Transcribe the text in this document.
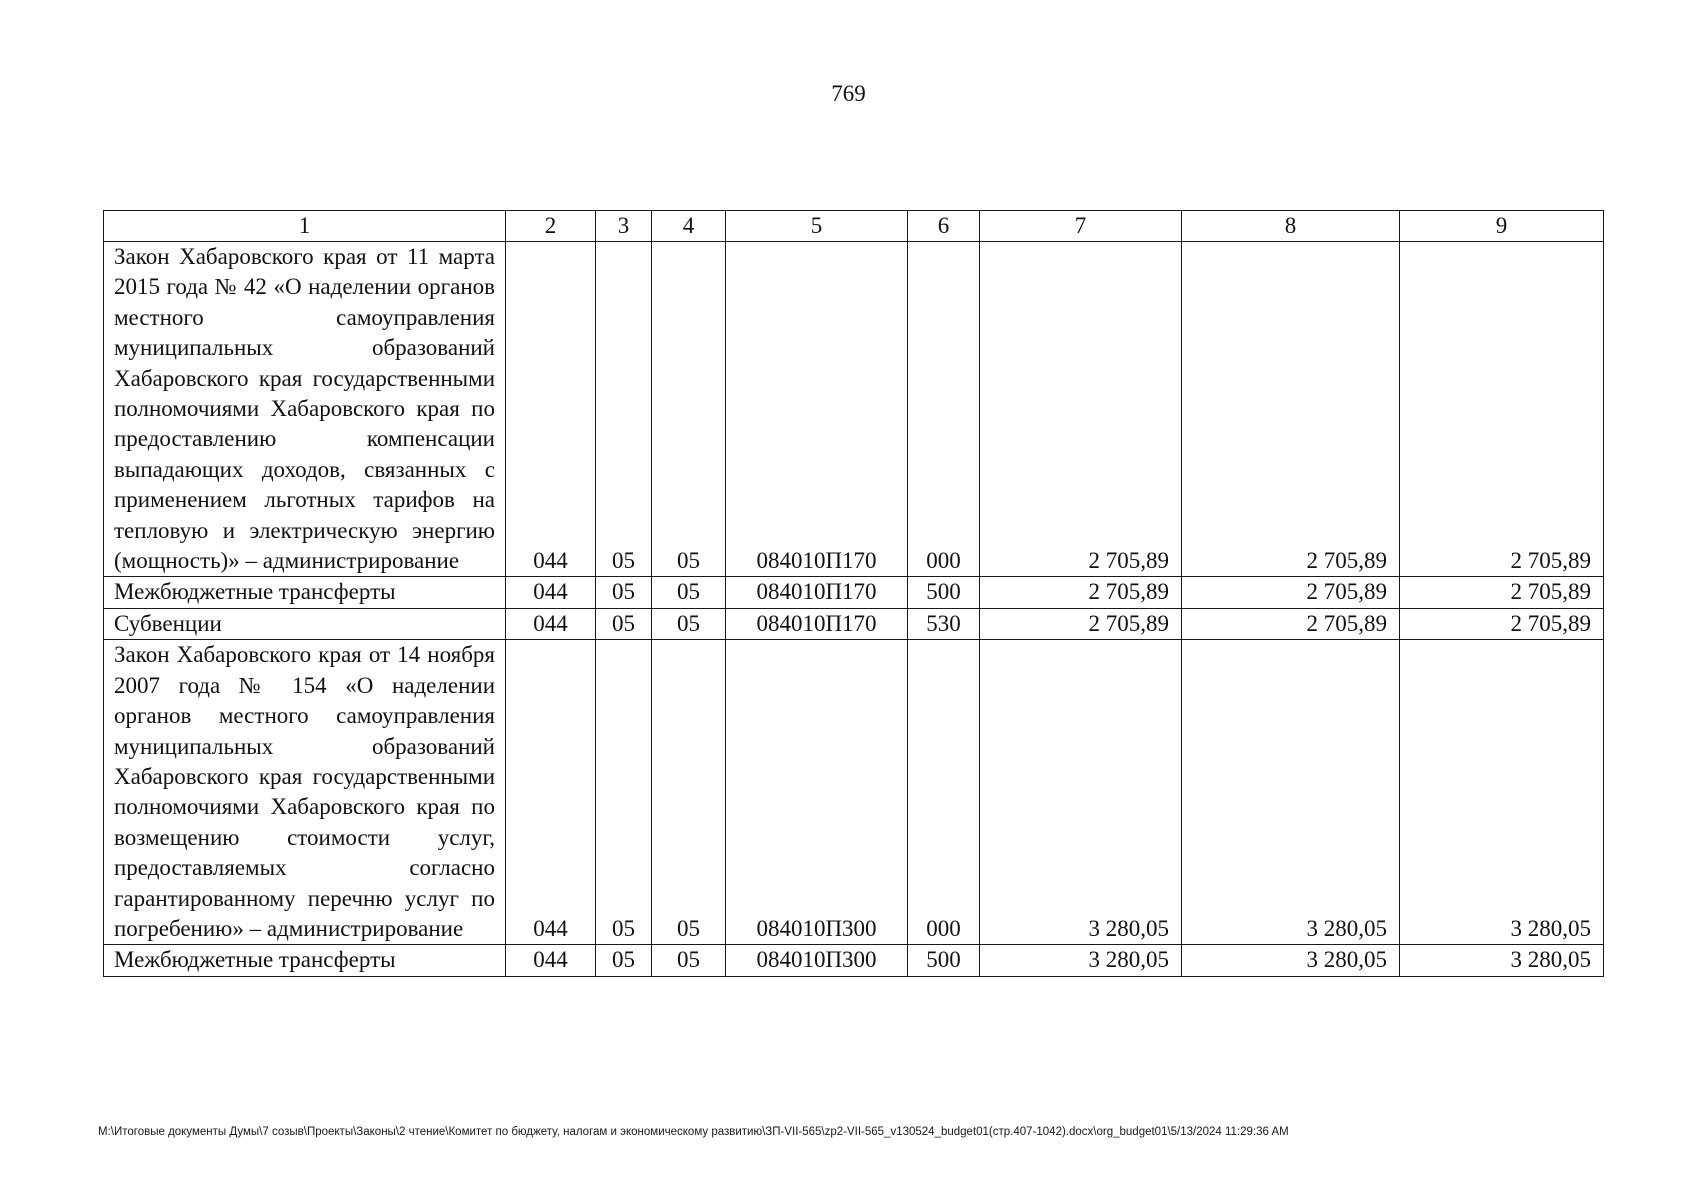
769
1	2	3	4	5	6	7	8	9
Закон Хабаровского края от 11 марта 2015 года № 42 «О наделении органов местного самоуправления муниципальных образований Хабаровского края государственными полномочиями Хабаровского края по предоставлению компенсации выпадающих доходов, связанных с применением льготных тарифов на тепловую и электрическую энергию (мощность)» – администрирование	044	05	05	084010П170	000	2 705,89	2 705,89	2 705,89
Межбюджетные трансферты	044	05	05	084010П170	500	2 705,89	2 705,89	2 705,89
Субвенции	044	05	05	084010П170	530	2 705,89	2 705,89	2 705,89
Закон Хабаровского края от 14 ноября 2007 года № 154 «О наделении органов местного самоуправления муниципальных образований Хабаровского края государственными полномочиями Хабаровского края по возмещению стоимости услуг, предоставляемых согласно гарантированному перечню услуг по погребению» – администрирование	044	05	05	084010П300	000	3 280,05	3 280,05	3 280,05
Межбюджетные трансферты	044	05	05	084010П300	500	3 280,05	3 280,05	3 280,05
M:\Итоговые документы Думы\7 созыв\Проекты\Законы\2 чтение\Комитет по бюджету, налогам и экономическому развитию\ЗП-VII-565\zp2-VII-565_v130524_budget01(стр.407-1042).docx\org_budget01\5/13/2024 11:29:36 AM
